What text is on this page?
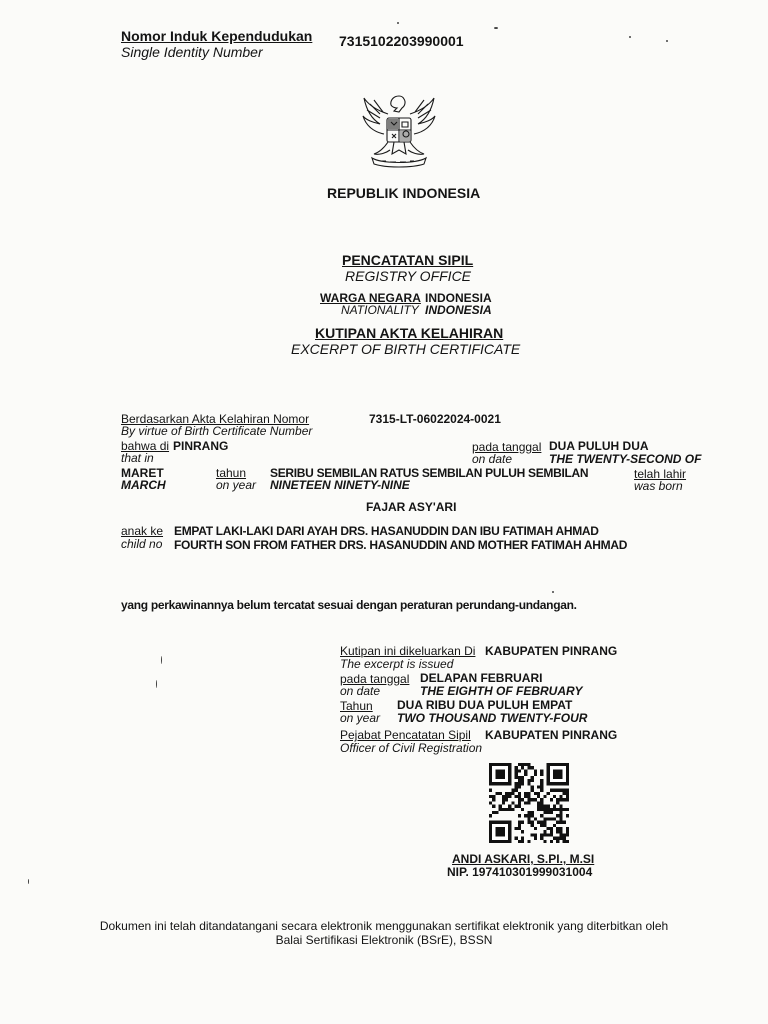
Nomor Induk Kependudukan
Single Identity Number
7315102203990001
REPUBLIK INDONESIA
PENCATATAN SIPIL
REGISTRY OFFICE
WARGA NEGARA INDONESIA
NATIONALITY INDONESIA
KUTIPAN AKTA KELAHIRAN
EXCERPT OF BIRTH CERTIFICATE
Berdasarkan Akta Kelahiran Nomor
By virtue of Birth Certificate Number
7315-LT-06022024-0021
bahwa di PINRANG
that in
pada tanggal
on date
DUA PULUH DUA
THE TWENTY-SECOND OF
MARET
MARCH
tahun
on year
SERIBU SEMBILAN RATUS SEMBILAN PULUH SEMBILAN
NINETEEN NINETY-NINE
telah lahir
was born
FAJAR ASY'ARI
anak ke
child no
EMPAT LAKI-LAKI DARI AYAH DRS. HASANUDDIN DAN IBU FATIMAH AHMAD
FOURTH SON FROM FATHER DRS. HASANUDDIN AND MOTHER FATIMAH AHMAD
yang perkawinannya belum tercatat sesuai dengan peraturan perundang-undangan.
Kutipan ini dikeluarkan Di KABUPATEN PINRANG
The excerpt is issued
pada tanggal DELAPAN FEBRUARI
on date	THE EIGHTH OF FEBRUARY
Tahun DUA RIBU DUA PULUH EMPAT
on year TWO THOUSAND TWENTY-FOUR
Pejabat Pencatatan Sipil KABUPATEN PINRANG
Officer of Civil Registration
ANDI ASKARI, S.PI., M.SI
NIP. 197410301999031004
Dokumen ini telah ditandatangani secara elektronik menggunakan sertifikat elektronik yang diterbitkan oleh
Balai Sertifikasi Elektronik (BSrE), BSSN
